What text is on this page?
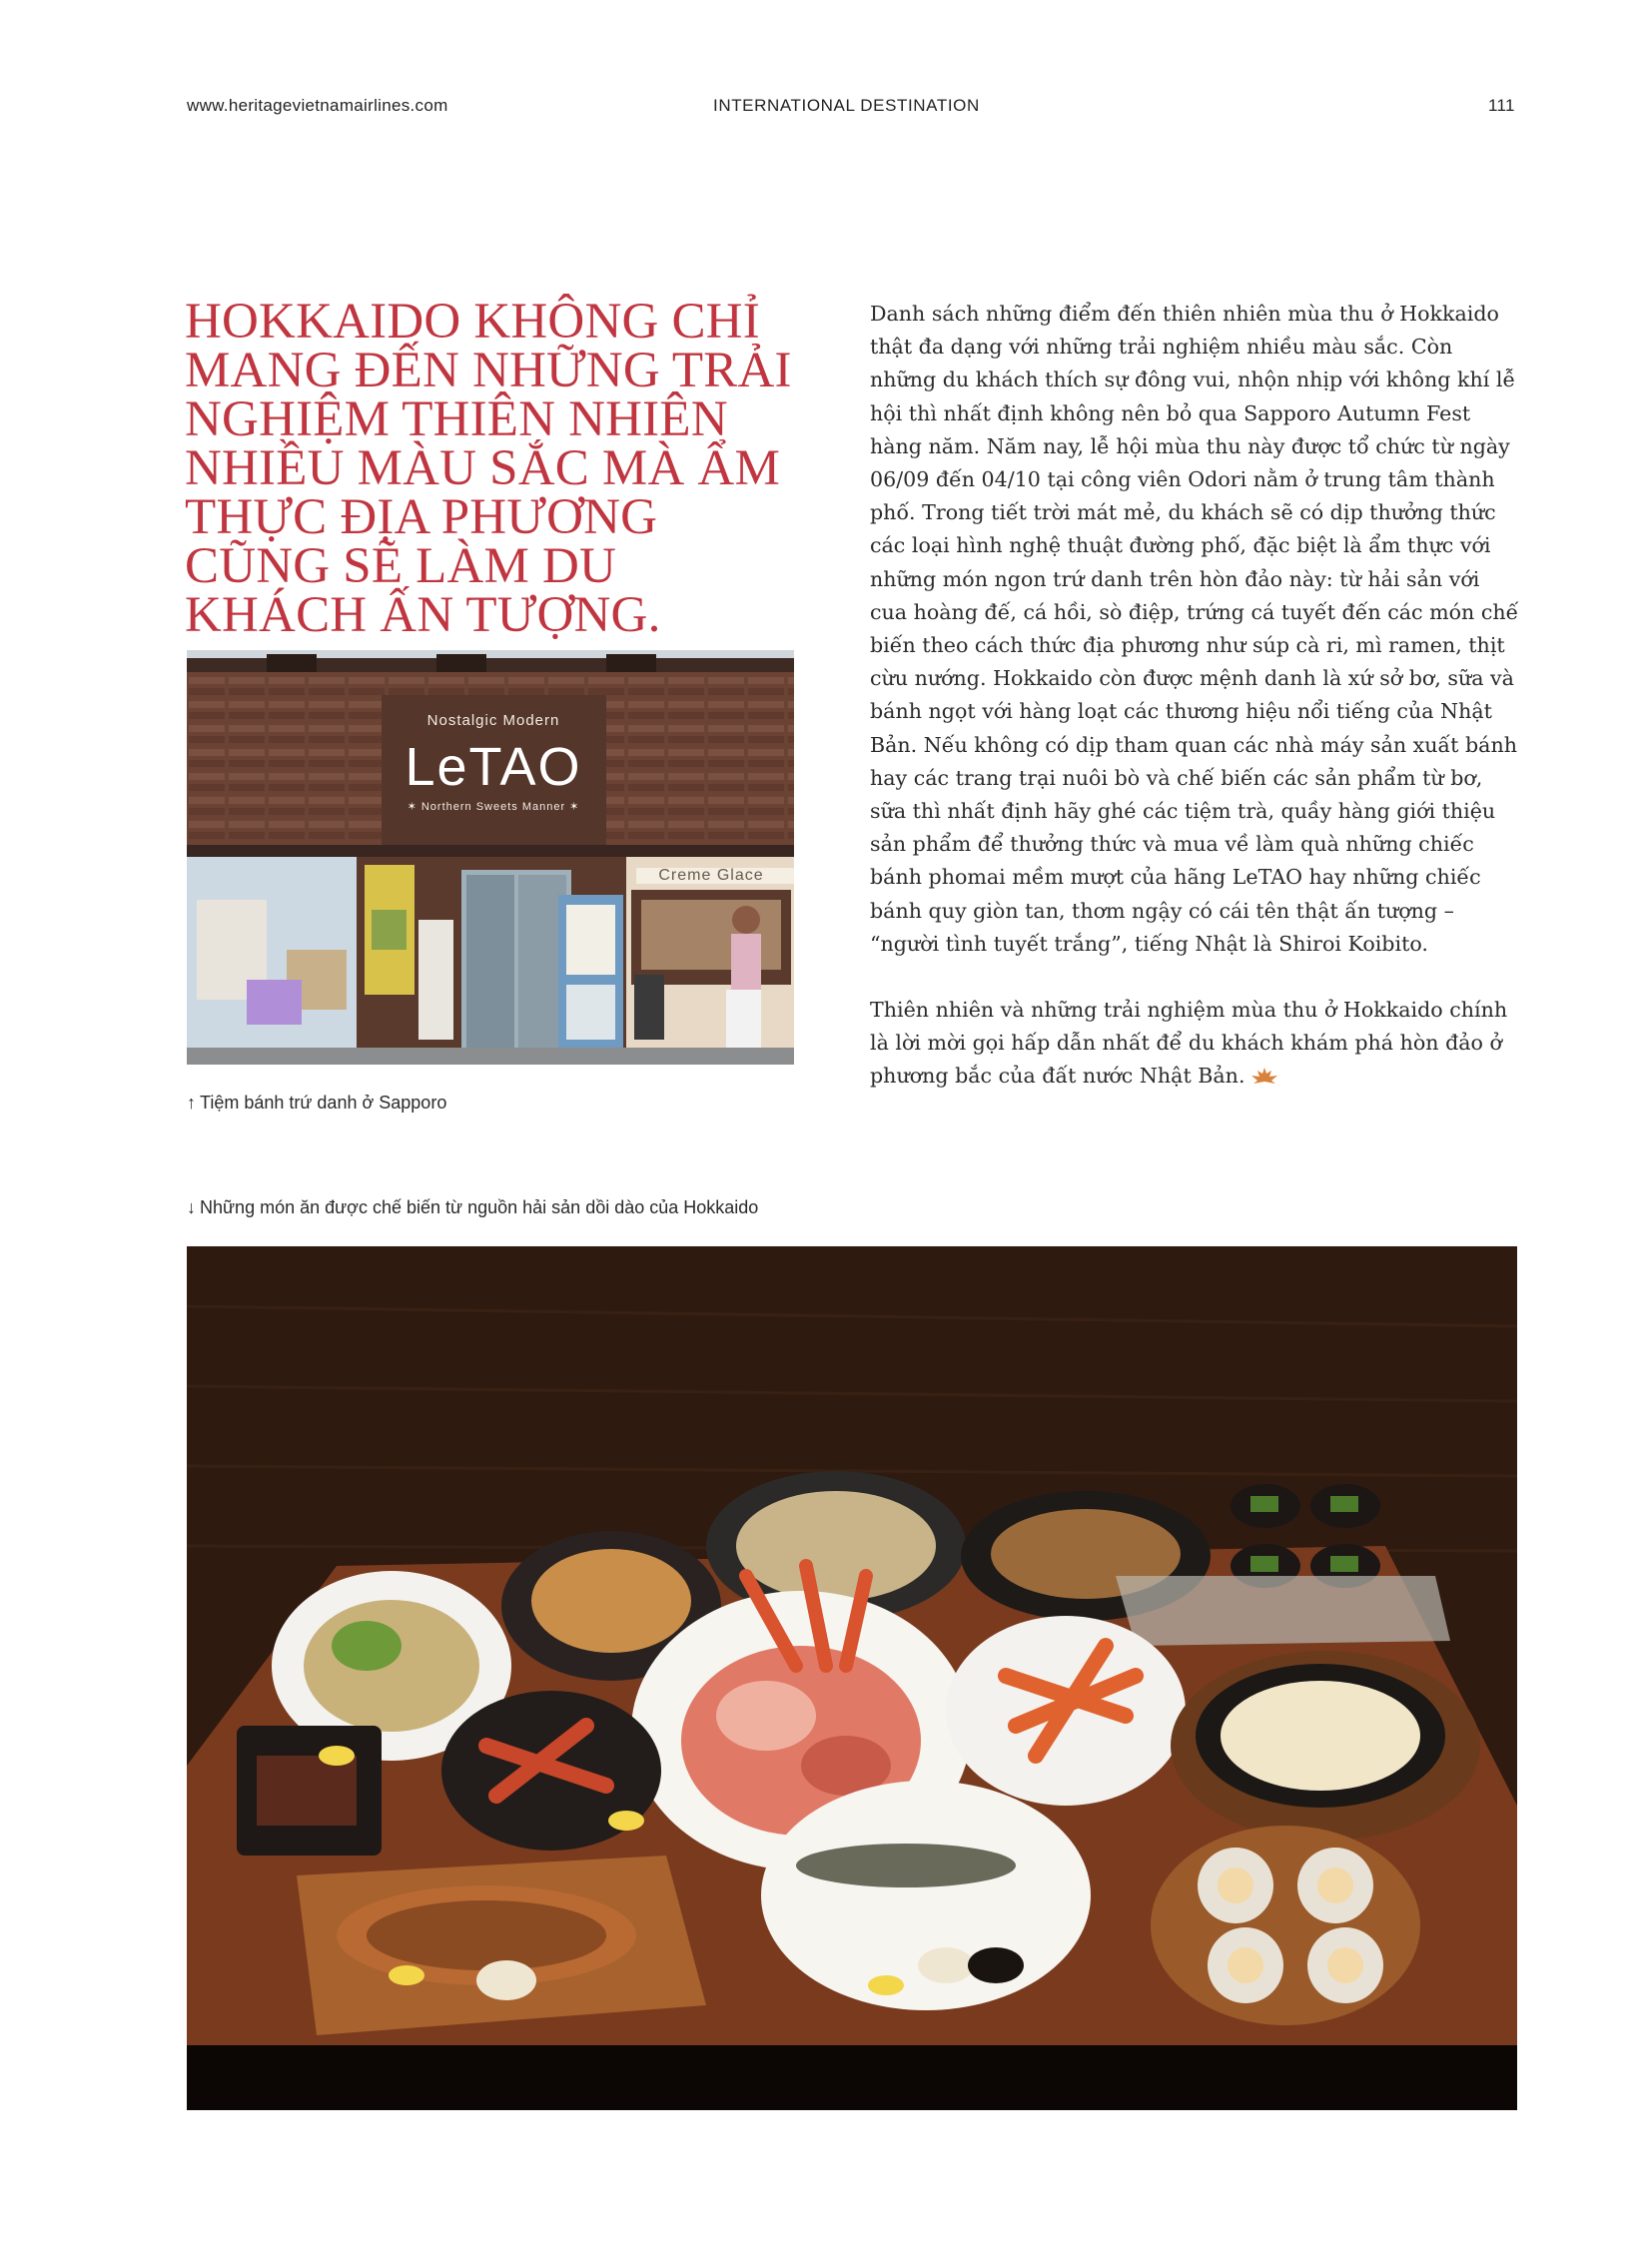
www.heritagevietnamairlines.com	INTERNATIONAL DESTINATION	111
HOKKAIDO KHÔNG CHỈ MANG ĐẾN NHỮNG TRẢI NGHIỆM THIÊN NHIÊN NHIỀU MÀU SẮC MÀ ẨM THỰC ĐỊA PHƯƠNG CŨNG SẼ LÀM DU KHÁCH ẤN TƯỢNG.

Danh sách những điểm đến thiên nhiên mùa thu ở Hokkaido thật đa dạng với những trải nghiệm nhiều màu sắc. Còn những du khách thích sự đông vui, nhộn nhịp với không khí lễ hội thì nhất định không nên bỏ qua Sapporo Autumn Fest hàng năm. Năm nay, lễ hội mùa thu này được tổ chức từ ngày 06/09 đến 04/10 tại công viên Odori nằm ở trung tâm thành phố. Trong tiết trời mát mẻ, du khách sẽ có dịp thưởng thức các loại hình nghệ thuật đường phố, đặc biệt là ẩm thực với những món ngon trứ danh trên hòn đảo này: từ hải sản với cua hoàng đế, cá hồi, sò điệp, trứng cá tuyết đến các món chế biến theo cách thức địa phương như súp cà ri, mì ramen, thịt cừu nướng. Hokkaido còn được mệnh danh là xứ sở bơ, sữa và bánh ngọt với hàng loạt các thương hiệu nổi tiếng của Nhật Bản. Nếu không có dịp tham quan các nhà máy sản xuất bánh hay các trang trại nuôi bò và chế biến các sản phẩm từ bơ, sữa thì nhất định hãy ghé các tiệm trà, quầy hàng giới thiệu sản phẩm để thưởng thức và mua về làm quà những chiếc bánh phomai mềm mượt của hãng LeTAO hay những chiếc bánh quy giòn tan, thơm ngậy có cái tên thật ấn tượng – “người tình tuyết trắng”, tiếng Nhật là Shiroi Koibito.

Thiên nhiên và những trải nghiệm mùa thu ở Hokkaido chính là lời mời gọi hấp dẫn nhất để du khách khám phá hòn đảo ở phương bắc của đất nước Nhật Bản.

Nostalgic Modern
LeTAO
✶ Northern Sweets Manner ✶
Creme Glace
↑ Tiệm bánh trứ danh ở Sapporo
↓ Những món ăn được chế biến từ nguồn hải sản dồi dào của Hokkaido
